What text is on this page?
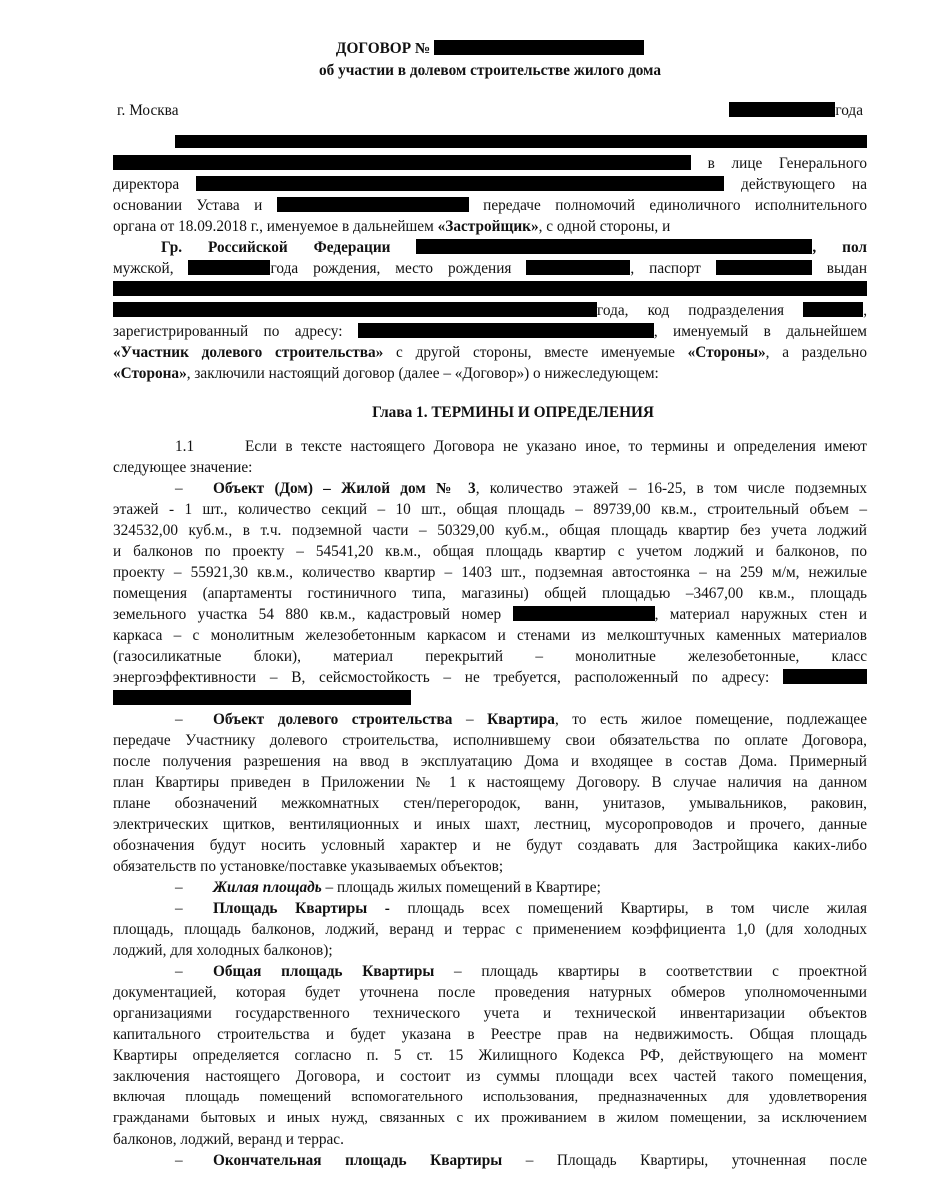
ДОГОВОР №
об участии в долевом строительстве жилого дома
г. Москва	года
в лице Генерального
директора	действующего на
основании Устава и	передаче полномочий единоличного исполнительного
органа от 18.09.2018 г., именуемое в дальнейшем «Застройщик», с одной стороны, и
Гр. Российской Федерации	, пол
мужской,	года рождения, место рождения	, паспорт	выдан
года, код подразделения	,
зарегистрированный по адресу:	, именуемый в дальнейшем
«Участник долевого строительства» с другой стороны, вместе именуемые «Стороны», а раздельно
«Сторона», заключили настоящий договор (далее – «Договор») о нижеследующем:
Глава 1. ТЕРМИНЫ И ОПРЕДЕЛЕНИЯ
1.1	Если в тексте настоящего Договора не указано иное, то термины и определения имеют
следующее значение:
– Объект (Дом) – Жилой дом № 3, количество этажей – 16-25, в том числе подземных
этажей - 1 шт., количество секций – 10 шт., общая площадь – 89739,00 кв.м., строительный объем –
324532,00 куб.м., в т.ч. подземной части – 50329,00 куб.м., общая площадь квартир без учета лоджий
и балконов по проекту – 54541,20 кв.м., общая площадь квартир с учетом лоджий и балконов, по
проекту – 55921,30 кв.м., количество квартир – 1403 шт., подземная автостоянка – на 259 м/м, нежилые
помещения (апартаменты гостиничного типа, магазины) общей площадью –3467,00 кв.м., площадь
земельного участка 54 880 кв.м., кадастровый номер	, материал наружных стен и
каркаса – с монолитным железобетонным каркасом и стенами из мелкоштучных каменных материалов
(газосиликатные блоки), материал перекрытий – монолитные железобетонные, класс
энергоэффективности – В, сейсмостойкость – не требуется, расположенный по адресу:
– Объект долевого строительства – Квартира, то есть жилое помещение, подлежащее
передаче Участнику долевого строительства, исполнившему свои обязательства по оплате Договора,
после получения разрешения на ввод в эксплуатацию Дома и входящее в состав Дома. Примерный
план Квартиры приведен в Приложении № 1 к настоящему Договору. В случае наличия на данном
плане обозначений межкомнатных стен/перегородок, ванн, унитазов, умывальников, раковин,
электрических щитков, вентиляционных и иных шахт, лестниц, мусоропроводов и прочего, данные
обозначения будут носить условный характер и не будут создавать для Застройщика каких-либо
обязательств по установке/поставке указываемых объектов;
– Жилая площадь – площадь жилых помещений в Квартире;
– Площадь Квартиры - площадь всех помещений Квартиры, в том числе жилая
площадь, площадь балконов, лоджий, веранд и террас с применением коэффициента 1,0 (для холодных
лоджий, для холодных балконов);
– Общая площадь Квартиры – площадь квартиры в соответствии с проектной
документацией, которая будет уточнена после проведения натурных обмеров уполномоченными
организациями государственного технического учета и технической инвентаризации объектов
капитального строительства и будет указана в Реестре прав на недвижимость. Общая площадь
Квартиры определяется согласно п. 5 ст. 15 Жилищного Кодекса РФ, действующего на момент
заключения настоящего Договора, и состоит из суммы площади всех частей такого помещения,
включая площадь помещений вспомогательного использования, предназначенных для удовлетворения
гражданами бытовых и иных нужд, связанных с их проживанием в жилом помещении, за исключением
балконов, лоджий, веранд и террас.
– Окончательная площадь Квартиры – Площадь Квартиры, уточненная после
